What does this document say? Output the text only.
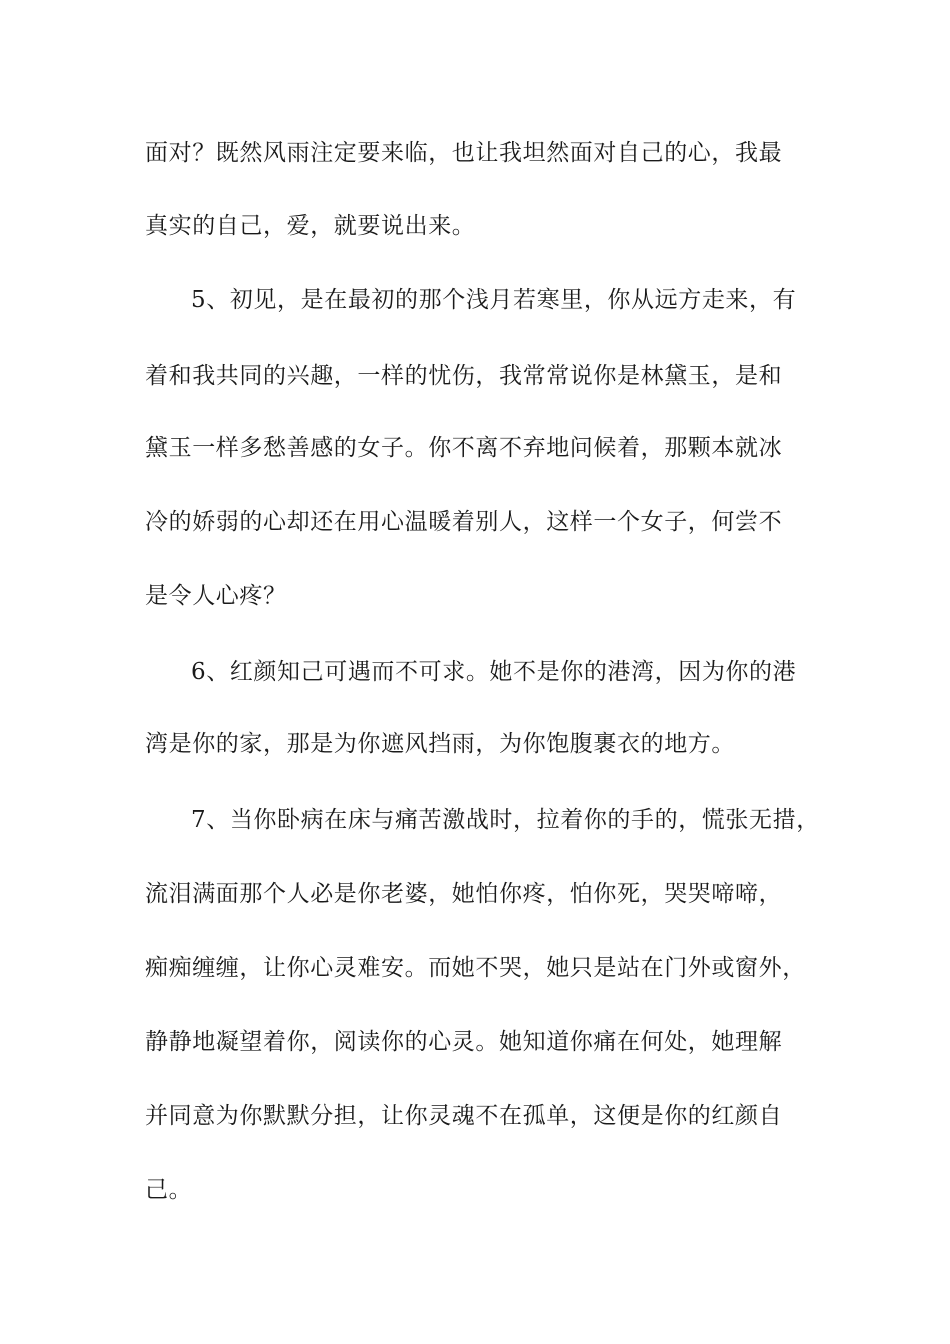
面对？既然风雨注定要来临，也让我坦然面对自己的心，我最
真实的自己，爱，就要说出来。
5、初见，是在最初的那个浅月若寒里，你从远方走来，有
着和我共同的兴趣，一样的忧伤，我常常说你是林黛玉，是和
黛玉一样多愁善感的女子。你不离不弃地问候着，那颗本就冰
冷的娇弱的心却还在用心温暖着别人，这样一个女子，何尝不
是令人心疼？
6、红颜知己可遇而不可求。她不是你的港湾，因为你的港
湾是你的家，那是为你遮风挡雨，为你饱腹裹衣的地方。
7、当你卧病在床与痛苦激战时，拉着你的手的，慌张无措，
流泪满面那个人必是你老婆，她怕你疼，怕你死，哭哭啼啼，
痴痴缠缠，让你心灵难安。而她不哭，她只是站在门外或窗外，
静静地凝望着你，阅读你的心灵。她知道你痛在何处，她理解
并同意为你默默分担，让你灵魂不在孤单，这便是你的红颜自
己。
